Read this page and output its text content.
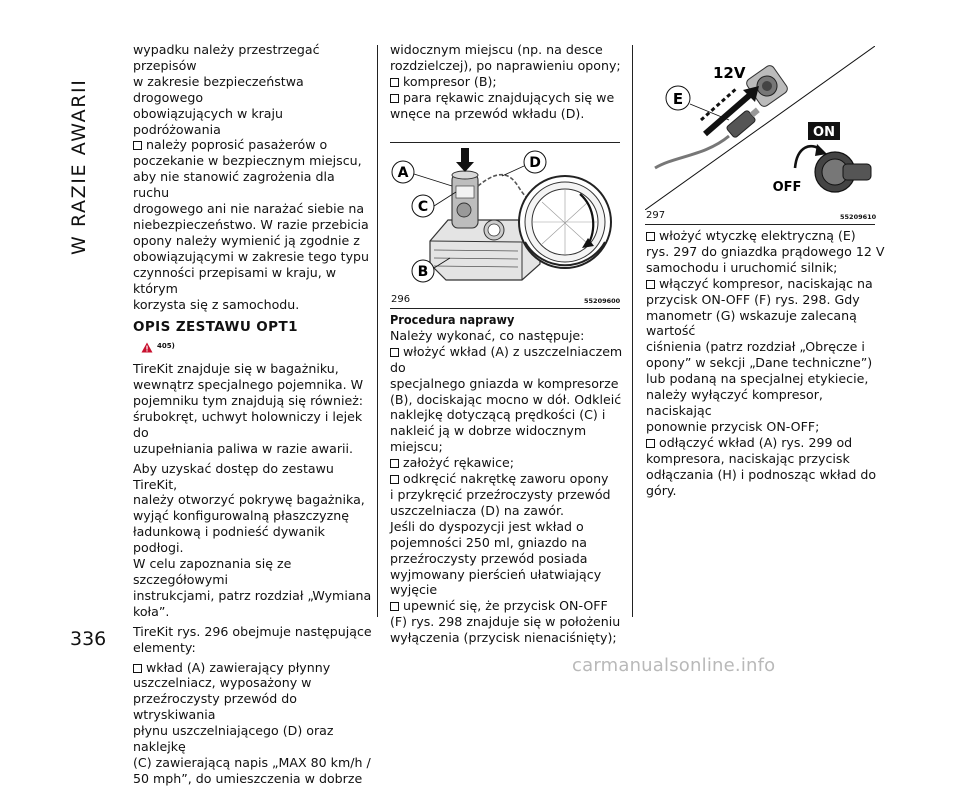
W RAZIE AWARII
336

wypadku należy przestrzegać przepisów
w zakresie bezpieczeństwa drogowego
obowiązujących w kraju podróżowania

należy poprosić pasażerów o
poczekanie w bezpiecznym miejscu,
aby nie stanowić zagrożenia dla ruchu
drogowego ani nie narażać siebie na
niebezpieczeństwo. W razie przebicia
opony należy wymienić ją zgodnie z
obowiązującymi w zakresie tego typu
czynności przepisami w kraju, w którym
korzysta się z samochodu.

OPIS ZESTAWU OPT1
405)

TireKit znajduje się w bagażniku,
wewnątrz specjalnego pojemnika. W
pojemniku tym znajdują się również:
śrubokręt, uchwyt holowniczy i lejek do
uzupełniania paliwa w razie awarii.

Aby uzyskać dostęp do zestawu TireKit,
należy otworzyć pokrywę bagażnika,
wyjąć konfigurowalną płaszczyznę
ładunkową i podnieść dywanik podłogi.
W celu zapoznania się ze szczegółowymi
instrukcjami, patrz rozdział „Wymiana
koła”.

TireKit rys. 296 obejmuje następujące
elementy:

wkład (A) zawierający płynny
uszczelniacz, wyposażony w
przeźroczysty przewód do wtryskiwania
płynu uszczelniającego (D) oraz naklejkę
(C) zawierającą napis „MAX 80 km/h /
50 mph”, do umieszczenia w dobrze

widocznym miejscu (np. na desce
rozdzielczej), po naprawieniu opony;

kompresor (B);

para rękawic znajdujących się we
wnęce na przewód wkładu (D).

A
C
B
D
296	55209600

Procedura naprawy

Należy wykonać, co następuje:

włożyć wkład (A) z uszczelniaczem do
specjalnego gniazda w kompresorze
(B), dociskając mocno w dół. Odkleić
naklejkę dotyczącą prędkości (C) i
nakleić ją w dobrze widocznym miejscu;

założyć rękawice;

odkręcić nakrętkę zaworu opony
i przykręcić przeźroczysty przewód
uszczelniacza (D) na zawór.
Jeśli do dyspozycji jest wkład o
pojemności 250 ml, gniazdo na
przeźroczysty przewód posiada
wyjmowany pierścień ułatwiający wyjęcie

upewnić się, że przycisk ON-OFF
(F) rys. 298 znajduje się w położeniu
wyłączenia (przycisk nienaciśnięty);

12V
E
ON
OFF
297	55209610

włożyć wtyczkę elektryczną (E)
rys. 297 do gniazdka prądowego 12 V
samochodu i uruchomić silnik;

włączyć kompresor, naciskając na
przycisk ON-OFF (F) rys. 298. Gdy
manometr (G) wskazuje zalecaną wartość
ciśnienia (patrz rozdział „Obręcze i
opony” w sekcji „Dane techniczne”)
lub podaną na specjalnej etykiecie,
należy wyłączyć kompresor, naciskając
ponownie przycisk ON-OFF;

odłączyć wkład (A) rys. 299 od
kompresora, naciskając przycisk
odłączania (H) i podnosząc wkład do
góry.

carmanualsonline.info
